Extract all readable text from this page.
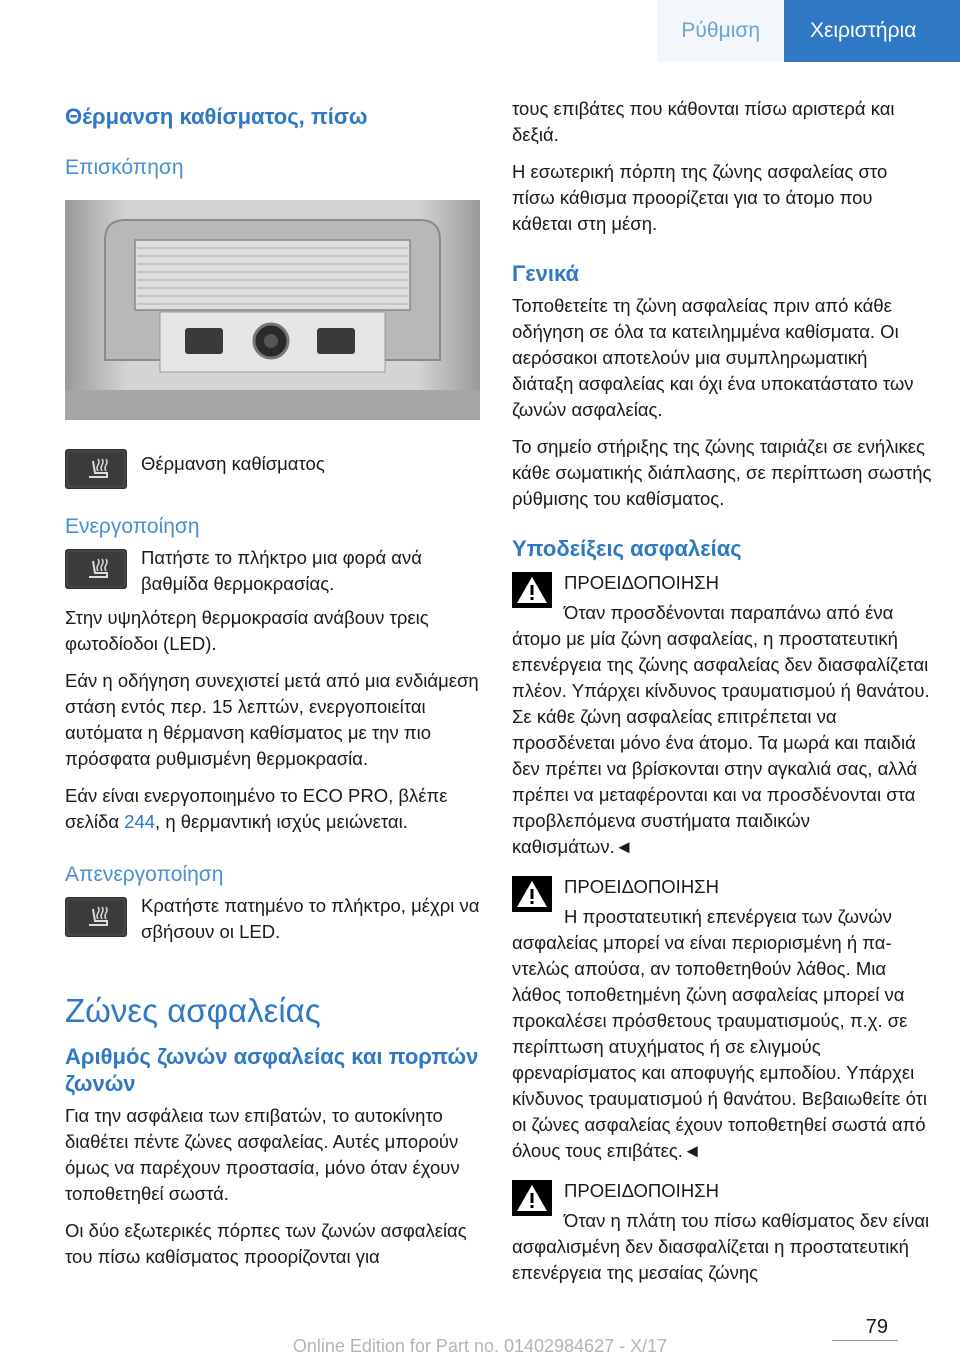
Ρύθμιση	Χειριστήρια
Θέρμανση καθίσματος, πίσω
Επισκόπηση

Θέρμανση καθίσματος

Ενεργοποίηση

Πατήστε το πλήκτρο μια φορά ανά βαθμίδα θερμοκρασίας.

Στην υψηλότερη θερμοκρασία ανάβουν τρεις φωτοδίοδοι (LED).

Εάν η οδήγηση συνεχιστεί μετά από μια ενδιάμεση στάση εντός περ. 15 λεπτών, ενεργοποιείται αυτόματα η θέρμανση καθίσματος με την πιο πρόσφατα ρυθμισμένη θερμοκρασία.

Εάν είναι ενεργοποιημένο το ECO PRO, βλέπε σελίδα 244, η θερμαντική ισχύς μειώνεται.

Απενεργοποίηση

Κρατήστε πατημένο το πλήκτρο, μέχρι να σβήσουν οι LED.

Ζώνες ασφαλείας
Αριθμός ζωνών ασφαλείας και πορπών ζωνών

Για την ασφάλεια των επιβατών, το αυτοκίνητο διαθέτει πέντε ζώνες ασφαλείας. Αυτές μπορούν όμως να παρέχουν προστασία, μόνο όταν έχουν τοποθετηθεί σωστά.

Οι δύο εξωτερικές πόρπες των ζωνών ασφαλείας του πίσω καθίσματος προορίζονται για

τους επιβάτες που κάθονται πίσω αριστερά και δεξιά.

Η εσωτερική πόρπη της ζώνης ασφαλείας στο πίσω κάθισμα προορίζεται για το άτομο που κάθεται στη μέση.

Γενικά

Τοποθετείτε τη ζώνη ασφαλείας πριν από κάθε οδήγηση σε όλα τα κατειλημμένα καθίσματα. Οι αερόσακοι αποτελούν μια συμπληρωματική διάταξη ασφαλείας και όχι ένα υποκατάστατο των ζωνών ασφαλείας.

Το σημείο στήριξης της ζώνης ταιριάζει σε ενήλικες κάθε σωματικής διάπλασης, σε περίπτωση σωστής ρύθμισης του καθίσματος.

Υποδείξεις ασφαλείας
ΠΡΟΕΙΔΟΠΟΙΗΣΗ

Όταν προσδένονται παραπάνω από ένα άτομο με μία ζώνη ασφαλείας, η προστατευτική επενέργεια της ζώνης ασφαλείας δεν διασφαλίζεται πλέον. Υπάρχει κίνδυνος τραυματισμού ή θανάτου. Σε κάθε ζώνη ασφαλείας επιτρέπεται να προσδένεται μόνο ένα άτομο. Τα μωρά και παιδιά δεν πρέπει να βρίσκονται στην αγκαλιά σας, αλλά πρέπει να μεταφέρονται και να προσδένονται στα προβλεπόμενα συστήματα παιδικών καθισμάτων.◄

ΠΡΟΕΙΔΟΠΟΙΗΣΗ

Η προστατευτική επενέργεια των ζωνών ασφαλείας μπορεί να είναι περιορισμένη ή παντελώς απούσα, αν τοποθετηθούν λάθος. Μια λάθος τοποθετημένη ζώνη ασφαλείας μπορεί να προκαλέσει πρόσθετους τραυματισμούς, π.χ. σε περίπτωση ατυχήματος ή σε ελιγμούς φρεναρίσματος και αποφυγής εμποδίου. Υπάρχει κίνδυνος τραυματισμού ή θανάτου. Βεβαιωθείτε ότι οι ζώνες ασφαλείας έχουν τοποθετηθεί σωστά από όλους τους επιβάτες.◄

ΠΡΟΕΙΔΟΠΟΙΗΣΗ

Όταν η πλάτη του πίσω καθίσματος δεν είναι ασφαλισμένη δεν διασφαλίζεται η προστατευτική επενέργεια της μεσαίας ζώνης

79
Online Edition for Part no. 01402984627 - X/17
